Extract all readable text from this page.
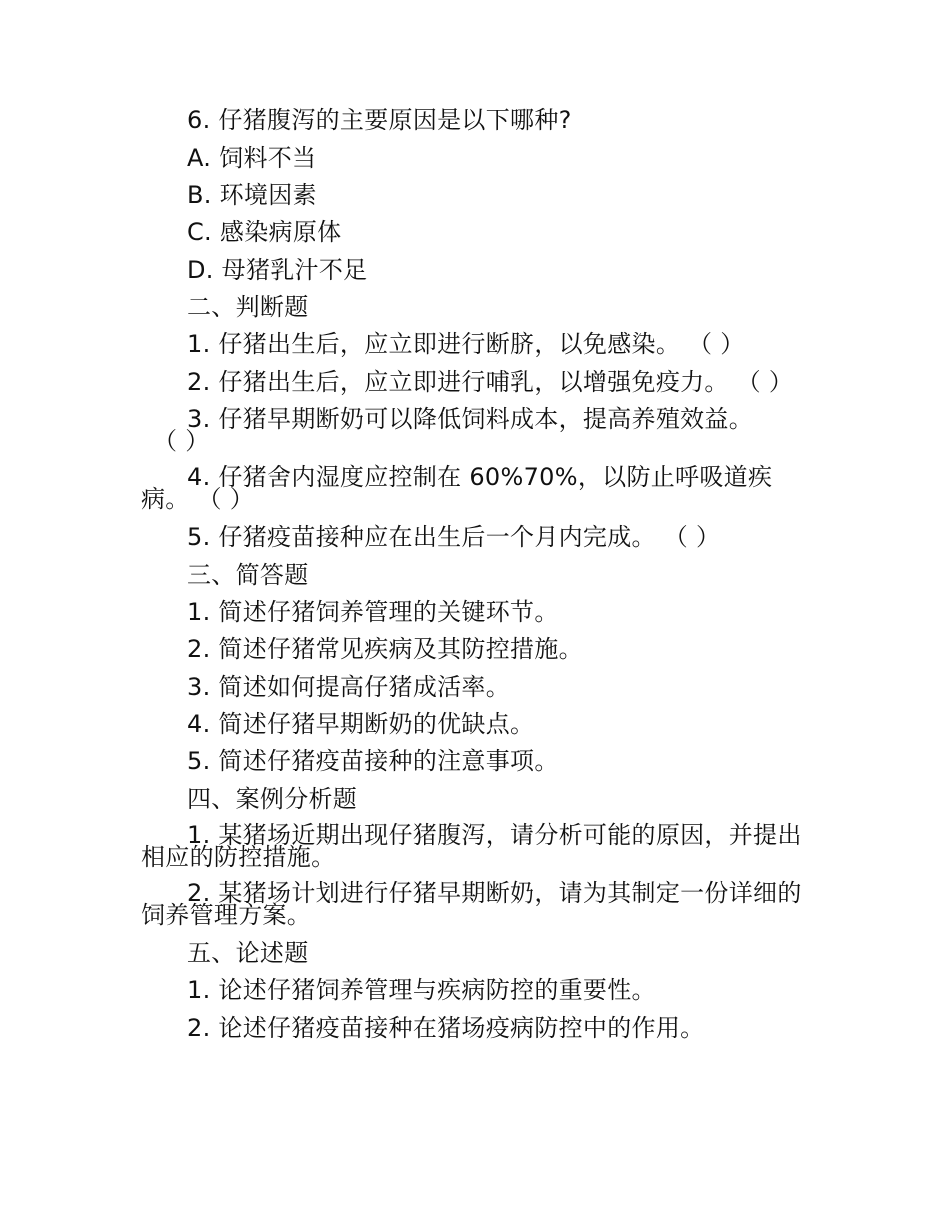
6. 仔猪腹泻的主要原因是以下哪种?
A. 饲料不当
B. 环境因素
C. 感染病原体
D. 母猪乳汁不足
二、判断题
1. 仔猪出生后，应立即进行断脐，以免感染。 （ ）
2. 仔猪出生后，应立即进行哺乳，以增强免疫力。 （ ）
3. 仔猪早期断奶可以降低饲料成本，提高养殖效益。
（ ）
4. 仔猪舍内湿度应控制在 60%70%，以防止呼吸道疾
病。 （ ）
5. 仔猪疫苗接种应在出生后一个月内完成。 （ ）
三、简答题
1. 简述仔猪饲养管理的关键环节。
2. 简述仔猪常见疾病及其防控措施。
3. 简述如何提高仔猪成活率。
4. 简述仔猪早期断奶的优缺点。
5. 简述仔猪疫苗接种的注意事项。
四、案例分析题
1. 某猪场近期出现仔猪腹泻，请分析可能的原因，并提出
相应的防控措施。
2. 某猪场计划进行仔猪早期断奶，请为其制定一份详细的
饲养管理方案。
五、论述题
1. 论述仔猪饲养管理与疾病防控的重要性。
2. 论述仔猪疫苗接种在猪场疫病防控中的作用。
